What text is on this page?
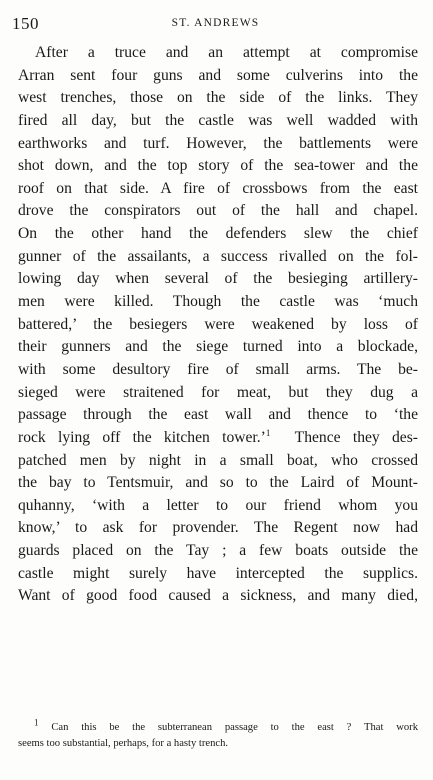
150	ST. ANDREWS
After a truce and an attempt at compromise
Arran sent four guns and some culverins into the
west trenches, those on the side of the links. They
fired all day, but the castle was well wadded with
earthworks and turf. However, the battlements were
shot down, and the top story of the sea-tower and the
roof on that side. A fire of crossbows from the east
drove the conspirators out of the hall and chapel.
On the other hand the defenders slew the chief
gunner of the assailants, a success rivalled on the fol-
lowing day when several of the besieging artillery-
men were killed. Though the castle was ‘much
battered,’ the besiegers were weakened by loss of
their gunners and the siege turned into a blockade,
with some desultory fire of small arms. The be-
sieged were straitened for meat, but they dug a
passage through the east wall and thence to ‘the
rock lying off the kitchen tower.’$^1$  Thence they des-
patched men by night in a small boat, who crossed
the bay to Tentsmuir, and so to the Laird of Mount-
quhanny, ‘with a letter to our friend whom you
know,’ to ask for provender. The Regent now had
guards placed on the Tay ; a few boats outside the
castle might surely have intercepted the supplics.
Want of good food caused a sickness, and many died,
$^1$ Can this be the subterranean passage to the east ? That work
seems too substantial, perhaps, for a hasty trench.
